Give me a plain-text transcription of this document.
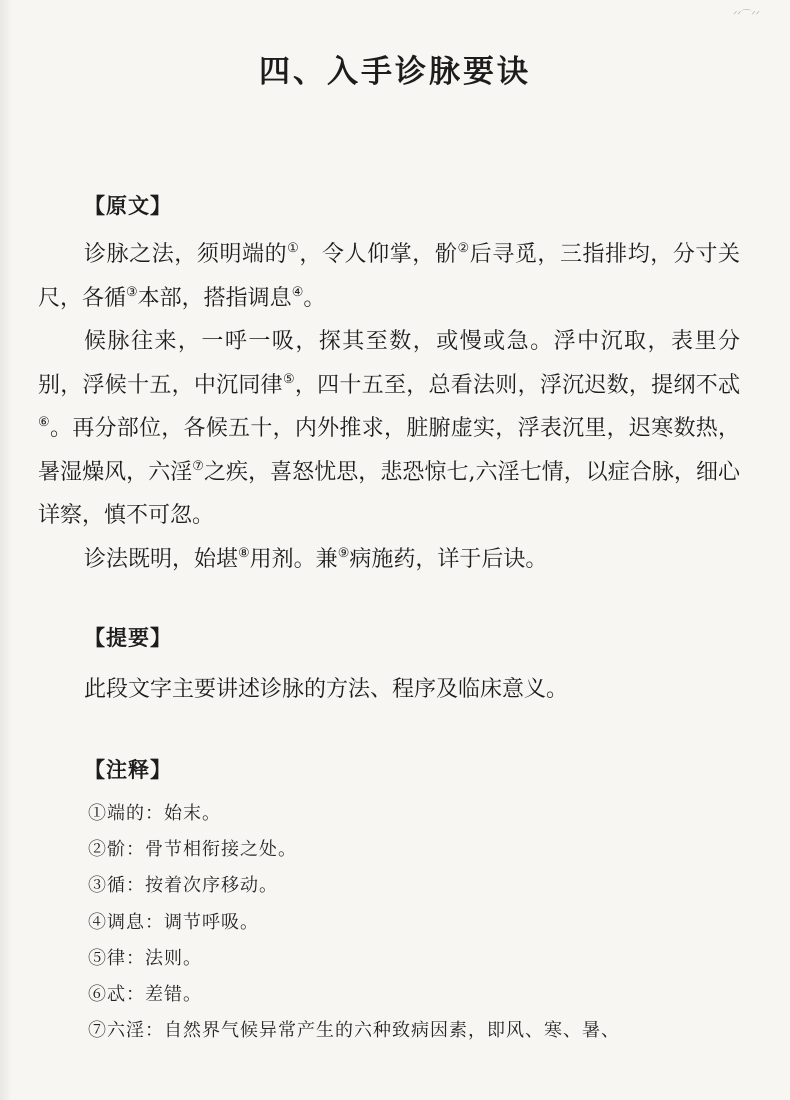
ᐟᐟ⌒ᐟᐟ
四、入手诊脉要诀
【原文】

诊脉之法，须明端的①，令人仰掌，骱②后寻觅，三指排均，分寸关尺，各循③本部，搭指调息④。

候脉往来，一呼一吸，探其至数，或慢或急。浮中沉取，表里分别，浮候十五，中沉同律⑤，四十五至，总看法则，浮沉迟数，提纲不忒⑥。再分部位，各候五十，内外推求，脏腑虚实，浮表沉里，迟寒数热，暑湿燥风，六淫⑦之疾，喜怒忧思，悲恐惊七,六淫七情，以症合脉，细心详察，慎不可忽。

诊法既明，始堪⑧用剂。兼⑨病施药，详于后诀。

【提要】
此段文字主要讲述诊脉的方法、程序及临床意义。
【注释】
①端的：始末。
②骱：骨节相衔接之处。
③循：按着次序移动。
④调息：调节呼吸。
⑤律：法则。
⑥忒：差错。
⑦六淫：自然界气候异常产生的六种致病因素，即风、寒、暑、
